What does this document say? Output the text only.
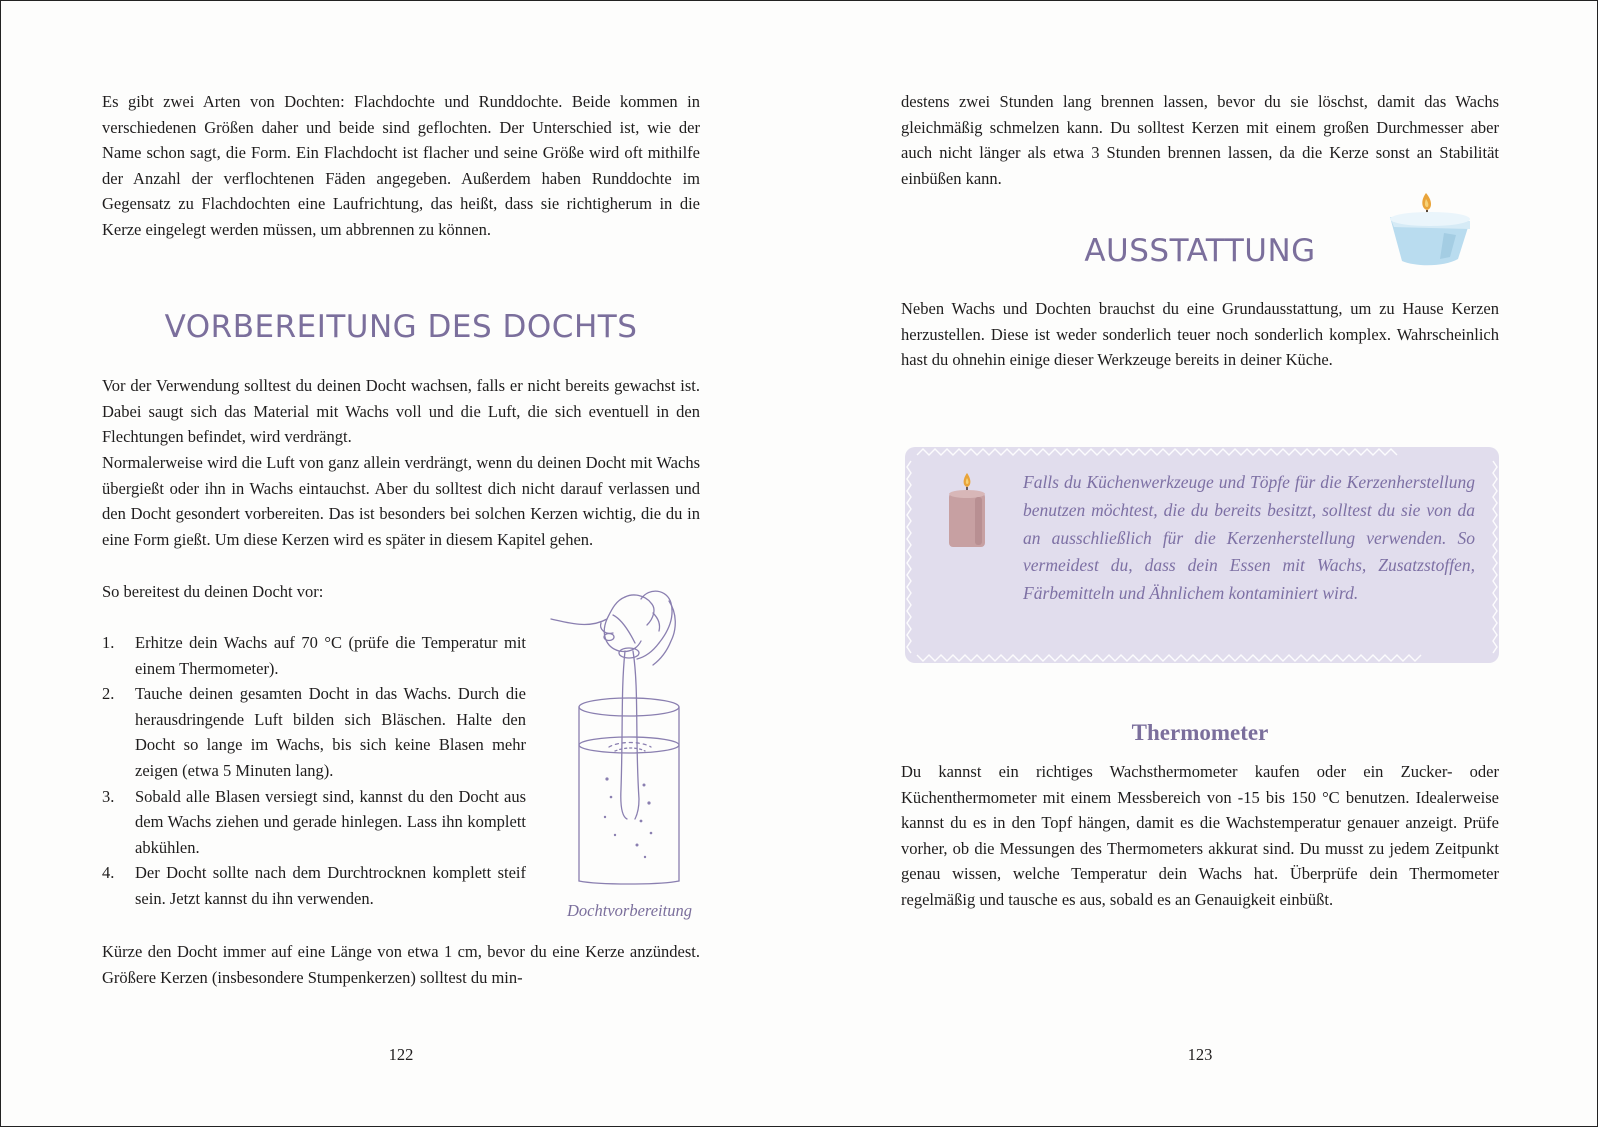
Es gibt zwei Arten von Dochten: Flachdochte und Runddochte. Beide kommen in verschiedenen Größen daher und beide sind geflochten. Der Unterschied ist, wie der Name schon sagt, die Form. Ein Flachdocht ist flacher und seine Größe wird oft mithilfe der Anzahl der verflochtenen Fäden angegeben. Außerdem haben Runddochte im Gegensatz zu Flachdochten eine Laufrichtung, das heißt, dass sie richtigherum in die Kerze eingelegt werden müssen, um abbrennen zu können.

VORBEREITUNG DES DOCHTS

Vor der Verwendung solltest du deinen Docht wachsen, falls er nicht bereits gewachst ist. Dabei saugt sich das Material mit Wachs voll und die Luft, die sich eventuell in den Flechtungen befindet, wird verdrängt.

Normalerweise wird die Luft von ganz allein verdrängt, wenn du deinen Docht mit Wachs übergießt oder ihn in Wachs eintauchst. Aber du solltest dich nicht darauf verlassen und den Docht gesondert vorbereiten. Das ist besonders bei solchen Kerzen wichtig, die du in eine Form gießt. Um diese Kerzen wird es später in diesem Kapitel gehen.

So bereitest du deinen Docht vor:

1.	Erhitze dein Wachs auf 70 °C (prüfe die Temperatur mit einem Thermometer).
2.	Tauche deinen gesamten Docht in das Wachs. Durch die herausdringende Luft bilden sich Bläschen. Halte den Docht so lange im Wachs, bis sich keine Blasen mehr zeigen (etwa 5 Minuten lang).
3.	Sobald alle Blasen versiegt sind, kannst du den Docht aus dem Wachs ziehen und gerade hinlegen. Lass ihn komplett abkühlen.
4.	Der Docht sollte nach dem Durchtrocknen komplett steif sein. Jetzt kannst du ihn verwenden.

Dochtvorbereitung

Kürze den Docht immer auf eine Länge von etwa 1 cm, bevor du eine Kerze anzündest. Größere Kerzen (insbesondere Stumpenkerzen) solltest du min-

122

destens zwei Stunden lang brennen lassen, bevor du sie löschst, damit das Wachs gleichmäßig schmelzen kann. Du solltest Kerzen mit einem großen Durchmesser aber auch nicht länger als etwa 3 Stunden brennen lassen, da die Kerze sonst an Stabilität einbüßen kann.

AUSSTATTUNG

Neben Wachs und Dochten brauchst du eine Grundausstattung, um zu Hause Kerzen herzustellen. Diese ist weder sonderlich teuer noch sonderlich komplex. Wahrscheinlich hast du ohnehin einige dieser Werkzeuge bereits in deiner Küche.

Thermometer

Du kannst ein richtiges Wachsthermometer kaufen oder ein Zucker- oder Küchenthermometer mit einem Messbereich von -15 bis 150 °C benutzen. Idealerweise kannst du es in den Topf hängen, damit es die Wachstemperatur genauer anzeigt. Prüfe vorher, ob die Messungen des Thermometers akkurat sind. Du musst zu jedem Zeitpunkt genau wissen, welche Temperatur dein Wachs hat. Überprüfe dein Thermometer regelmäßig und tausche es aus, sobald es an Genauigkeit einbüßt.

123

Falls du Küchenwerkzeuge und Töpfe für die Kerzenherstellung benutzen möchtest, die du bereits besitzt, solltest du sie von da an ausschließlich für die Kerzenherstellung verwenden. So vermeidest du, dass dein Essen mit Wachs, Zusatzstoffen, Färbemitteln und Ähnlichem kontaminiert wird.
